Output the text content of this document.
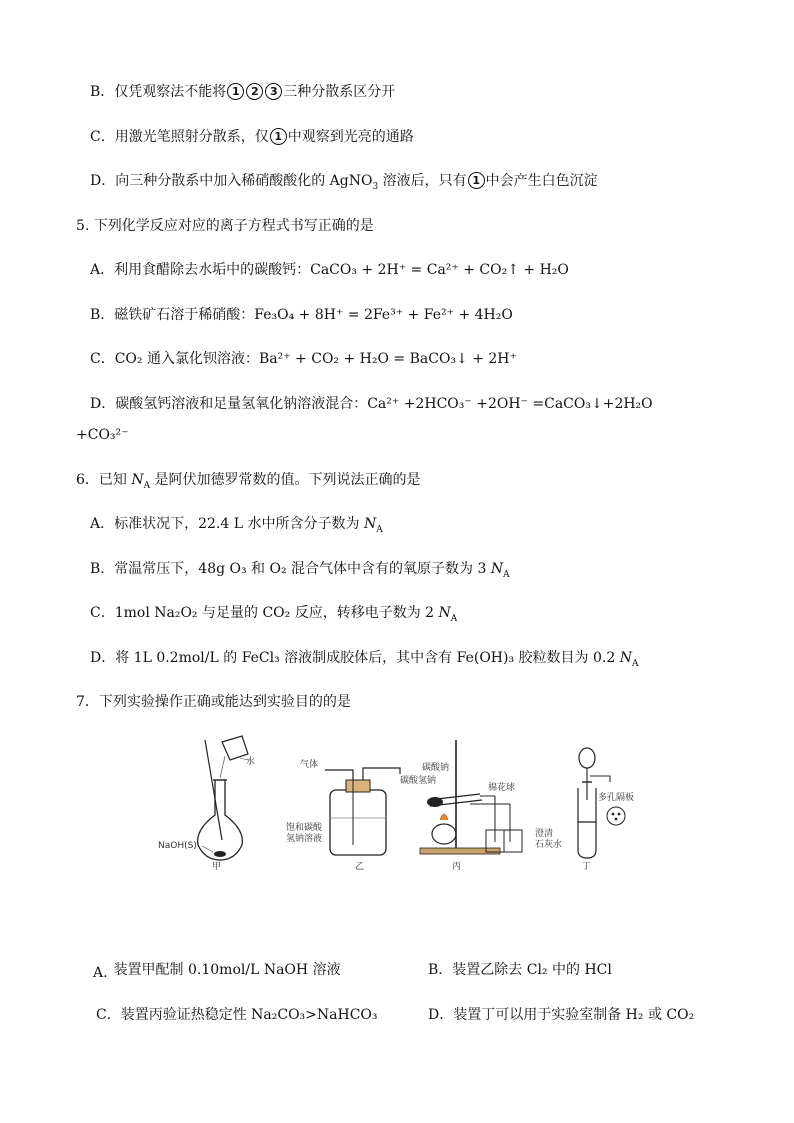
B．仅凭观察法不能将 1 2 3 三种分散系区分开
C．用激光笔照射分散系，仅 1 中观察到光亮的通路
D．向三种分散系中加入稀硝酸酸化的 AgNO$_3$ 溶液后，只有 1 中会产生白色沉淀
5. 下列化学反应对应的离子方程式书写正确的是
A．利用食醋除去水垢中的碳酸钙：CaCO₃ + 2H⁺ = Ca²⁺ + CO₂↑ + H₂O
B．磁铁矿石溶于稀硝酸：Fe₃O₄ + 8H⁺ = 2Fe³⁺ + Fe²⁺ + 4H₂O
C．CO₂ 通入氯化钡溶液：Ba²⁺ + CO₂ + H₂O = BaCO₃↓ + 2H⁺
D．碳酸氢钙溶液和足量氢氧化钠溶液混合：Ca²⁺ +2HCO₃⁻ +2OH⁻ =CaCO₃↓+2H₂O
+CO₃²⁻
6．已知 $N_A$ 是阿伏加德罗常数的值。下列说法正确的是
A．标准状况下，22.4 L 水中所含分子数为 $N_A$
B．常温常压下，48g O₃ 和 O₂ 混合气体中含有的氧原子数为 3 $N_A$
C．1mol Na₂O₂ 与足量的 CO₂ 反应，转移电子数为 2 $N_A$
D．将 1L 0.2mol/L 的 FeCl₃ 溶液制成胶体后，其中含有 Fe(OH)₃ 胶粒数目为 0.2 $N_A$
7．下列实验操作正确或能达到实验目的的是
水
NaOH(S)
甲
气体
饱和碳酸
氢钠溶液
乙
碳酸钠
碳酸氢钠
棉花球
澄清
石灰水
丙
多孔隔板
丁
A. 装置甲配制 0.10mol/L NaOH 溶液	B．装置乙除去 Cl₂ 中的 HCl
C．装置丙验证热稳定性 Na₂CO₃>NaHCO₃	D．装置丁可以用于实验室制备 H₂ 或 CO₂
